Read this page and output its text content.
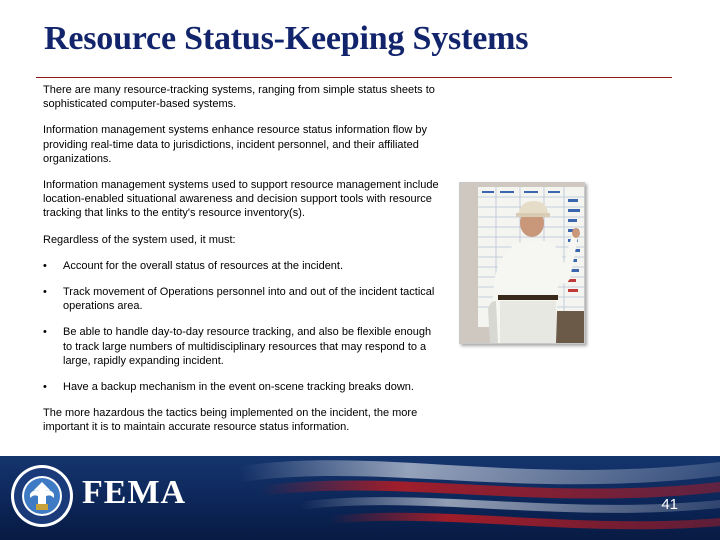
Resource Status-Keeping Systems

There are many resource-tracking systems, ranging from simple status sheets to sophisticated computer-based systems.

Information management systems enhance resource status information flow by providing real-time data to jurisdictions, incident personnel, and their affiliated organizations.

Information management systems used to support resource management include location-enabled situational awareness and decision support tools with resource tracking that links to the entity's resource inventory(s).

Regardless of the system used, it must:

• Account for the overall status of resources at the incident.
• Track movement of Operations personnel into and out of the incident tactical operations area.
• Be able to handle day-to-day resource tracking, and also be flexible enough to track large numbers of multidisciplinary resources that may respond to a large, rapidly expanding incident.
• Have a backup mechanism in the event on-scene tracking breaks down.

The more hazardous the tactics being implemented on the incident, the more important it is to maintain accurate resource status information.

FEMA	41
